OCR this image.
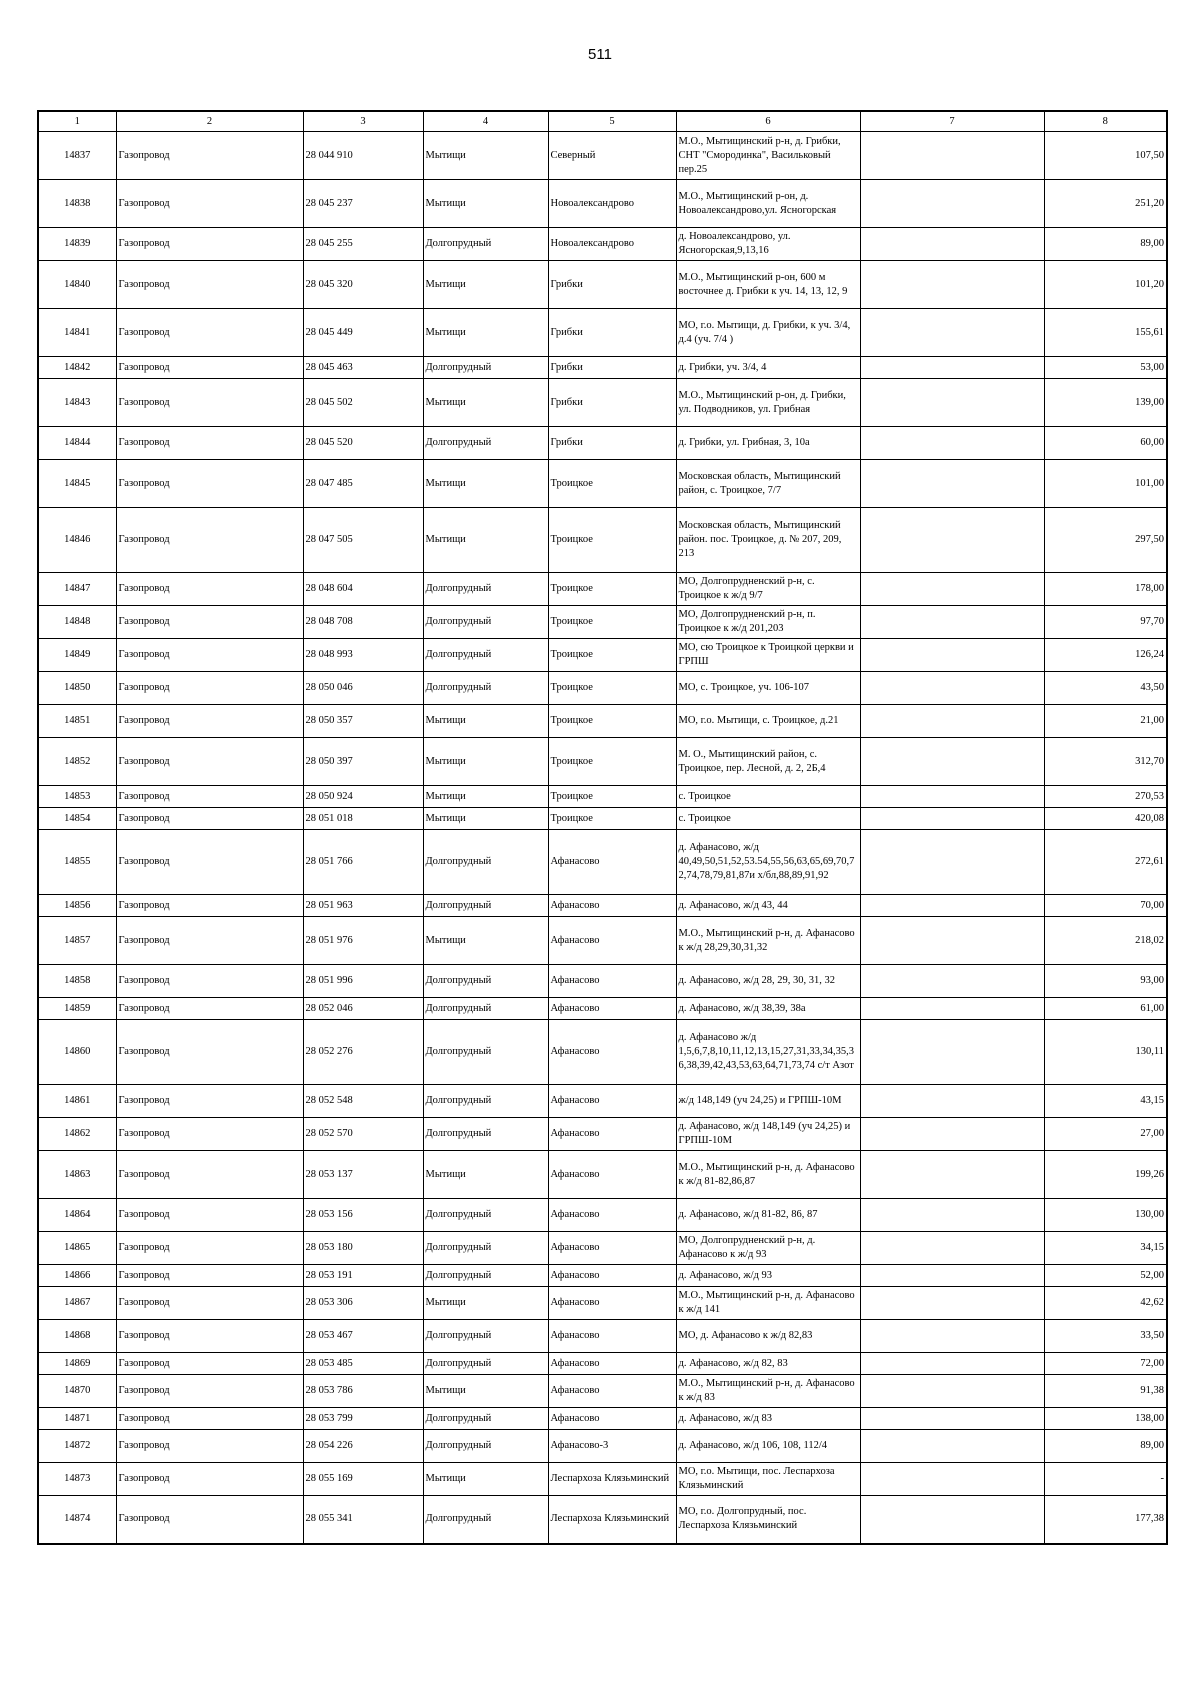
511
1	2	3	4	5	6	7	8
14837	Газопровод	28 044 910	Мытищи	Северный	М.О., Мытищинский р-н, д. Грибки, СНТ "Смородинка", Васильковый пер.25		107,50
14838	Газопровод	28 045 237	Мытищи	Новоалександрово	М.О., Мытищинский р-он, д. Новоалександрово,ул. Ясногорская		251,20
14839	Газопровод	28 045 255	Долгопрудный	Новоалександрово	д. Новоалександрово, ул. Ясногорская,9,13,16		89,00
14840	Газопровод	28 045 320	Мытищи	Грибки	М.О., Мытищинский р-он, 600 м восточнее д. Грибки к уч. 14, 13, 12, 9		101,20
14841	Газопровод	28 045 449	Мытищи	Грибки	МО, г.о. Мытищи, д. Грибки, к уч. 3/4, д.4 (уч. 7/4 )		155,61
14842	Газопровод	28 045 463	Долгопрудный	Грибки	д. Грибки, уч. 3/4, 4		53,00
14843	Газопровод	28 045 502	Мытищи	Грибки	М.О., Мытищинский р-он, д. Грибки, ул. Подводников, ул. Грибная		139,00
14844	Газопровод	28 045 520	Долгопрудный	Грибки	д. Грибки, ул. Грибная, 3, 10а		60,00
14845	Газопровод	28 047 485	Мытищи	Троицкое	Московская область, Мытищинский район, с. Троицкое, 7/7		101,00
14846	Газопровод	28 047 505	Мытищи	Троицкое	Московская область, Мытищинский район. пос. Троицкое, д. № 207, 209, 213		297,50
14847	Газопровод	28 048 604	Долгопрудный	Троицкое	МО, Долгопрудненский р-н, с. Троицкое к ж/д 9/7		178,00
14848	Газопровод	28 048 708	Долгопрудный	Троицкое	МО, Долгопрудненский р-н, п. Троицкое к ж/д 201,203		97,70
14849	Газопровод	28 048 993	Долгопрудный	Троицкое	МО, сю Троицкое к Троицкой церкви и ГРПШ		126,24
14850	Газопровод	28 050 046	Долгопрудный	Троицкое	МО, с. Троицкое, уч. 106-107		43,50
14851	Газопровод	28 050 357	Мытищи	Троицкое	МО, г.о. Мытищи, с. Троицкое, д.21		21,00
14852	Газопровод	28 050 397	Мытищи	Троицкое	М. О., Мытищинский район, с. Троицкое, пер. Лесной, д. 2, 2Б,4		312,70
14853	Газопровод	28 050 924	Мытищи	Троицкое	с. Троицкое		270,53
14854	Газопровод	28 051 018	Мытищи	Троицкое	с. Троицкое		420,08
14855	Газопровод	28 051 766	Долгопрудный	Афанасово	д. Афанасово, ж/д 40,49,50,51,52,53.54,55,56,63,65,69,70,72,74,78,79,81,87и х/бл,88,89,91,92		272,61
14856	Газопровод	28 051 963	Долгопрудный	Афанасово	д. Афанасово, ж/д 43, 44		70,00
14857	Газопровод	28 051 976	Мытищи	Афанасово	М.О., Мытищинский р-н, д. Афанасово к ж/д 28,29,30,31,32		218,02
14858	Газопровод	28 051 996	Долгопрудный	Афанасово	д. Афанасово, ж/д 28, 29, 30, 31, 32		93,00
14859	Газопровод	28 052 046	Долгопрудный	Афанасово	д. Афанасово, ж/д 38,39, 38а		61,00
14860	Газопровод	28 052 276	Долгопрудный	Афанасово	д. Афанасово ж/д 1,5,6,7,8,10,11,12,13,15,27,31,33,34,35,36,38,39,42,43,53,63,64,71,73,74 с/т Азот		130,11
14861	Газопровод	28 052 548	Долгопрудный	Афанасово	ж/д 148,149 (уч 24,25) и ГРПШ-10М		43,15
14862	Газопровод	28 052 570	Долгопрудный	Афанасово	д. Афанасово, ж/д 148,149 (уч 24,25) и ГРПШ-10М		27,00
14863	Газопровод	28 053 137	Мытищи	Афанасово	М.О., Мытищинский р-н, д. Афанасово к ж/д 81-82,86,87		199,26
14864	Газопровод	28 053 156	Долгопрудный	Афанасово	д. Афанасово, ж/д 81-82, 86, 87		130,00
14865	Газопровод	28 053 180	Долгопрудный	Афанасово	МО, Долгопрудненский р-н, д. Афанасово к ж/д 93		34,15
14866	Газопровод	28 053 191	Долгопрудный	Афанасово	д. Афанасово, ж/д 93		52,00
14867	Газопровод	28 053 306	Мытищи	Афанасово	М.О., Мытищинский р-н, д. Афанасово к ж/д 141		42,62
14868	Газопровод	28 053 467	Долгопрудный	Афанасово	МО, д. Афанасово к ж/д 82,83		33,50
14869	Газопровод	28 053 485	Долгопрудный	Афанасово	д. Афанасово, ж/д 82, 83		72,00
14870	Газопровод	28 053 786	Мытищи	Афанасово	М.О., Мытищинский р-н, д. Афанасово к ж/д 83		91,38
14871	Газопровод	28 053 799	Долгопрудный	Афанасово	д. Афанасово, ж/д 83		138,00
14872	Газопровод	28 054 226	Долгопрудный	Афанасово-3	д. Афанасово, ж/д 106, 108, 112/4		89,00
14873	Газопровод	28 055 169	Мытищи	Леспархоза Клязьминский	МО, г.о. Мытищи, пос. Леспархоза Клязьминский		-
14874	Газопровод	28 055 341	Долгопрудный	Леспархоза Клязьминский	МО, г.о. Долгопрудный, пос. Леспархоза Клязьминский		177,38
